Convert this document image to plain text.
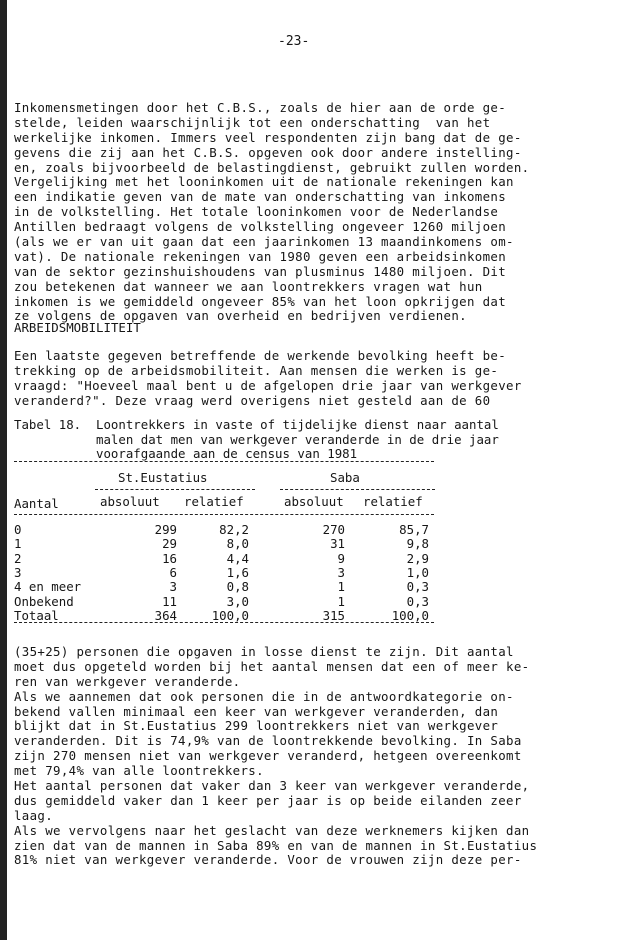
-23-
Inkomensmetingen door het C.B.S., zoals de hier aan de orde ge-
stelde, leiden waarschijnlijk tot een onderschatting  van het
werkelijke inkomen. Immers veel respondenten zijn bang dat de ge-
gevens die zij aan het C.B.S. opgeven ook door andere instelling-
en, zoals bijvoorbeeld de belastingdienst, gebruikt zullen worden.
Vergelijking met het looninkomen uit de nationale rekeningen kan
een indikatie geven van de mate van onderschatting van inkomens
in de volkstelling. Het totale looninkomen voor de Nederlandse
Antillen bedraagt volgens de volkstelling ongeveer 1260 miljoen
(als we er van uit gaan dat een jaarinkomen 13 maandinkomens om-
vat). De nationale rekeningen van 1980 geven een arbeidsinkomen
van de sektor gezinshuishoudens van plusminus 1480 miljoen. Dit
zou betekenen dat wanneer we aan loontrekkers vragen wat hun
inkomen is we gemiddeld ongeveer 85% van het loon opkrijgen dat
ze volgens de opgaven van overheid en bedrijven verdienen.
ARBEIDSMOBILITEIT
Een laatste gegeven betreffende de werkende bevolking heeft be-
trekking op de arbeidsmobiliteit. Aan mensen die werken is ge-
vraagd: "Hoeveel maal bent u de afgelopen drie jaar van werkgever
veranderd?". Deze vraag werd overigens niet gesteld aan de 60
Tabel 18. Loontrekkers in vaste of tijdelijke dienst naar aantal
malen dat men van werkgever veranderde in de drie jaar
voorafgaande aan de census van 1981
St.Eustatius	Saba
Aantal	absoluut relatief	absoluut relatief
0	299	82,2	270	85,7
1	29	8,0	31	9,8
2	16	4,4	9	2,9
3	6	1,6	3	1,0
4 en meer	3	0,8	1	0,3
Onbekend	11	3,0	1	0,3
Totaal	364	100,0	315	100,0
(35+25) personen die opgaven in losse dienst te zijn. Dit aantal
moet dus opgeteld worden bij het aantal mensen dat een of meer ke-
ren van werkgever veranderde.
Als we aannemen dat ook personen die in de antwoordkategorie on-
bekend vallen minimaal een keer van werkgever veranderden, dan
blijkt dat in St.Eustatius 299 loontrekkers niet van werkgever
veranderden. Dit is 74,9% van de loontrekkende bevolking. In Saba
zijn 270 mensen niet van werkgever veranderd, hetgeen overeenkomt
met 79,4% van alle loontrekkers.
Het aantal personen dat vaker dan 3 keer van werkgever veranderde,
dus gemiddeld vaker dan 1 keer per jaar is op beide eilanden zeer
laag.
Als we vervolgens naar het geslacht van deze werknemers kijken dan
zien dat van de mannen in Saba 89% en van de mannen in St.Eustatius
81% niet van werkgever veranderde. Voor de vrouwen zijn deze per-
